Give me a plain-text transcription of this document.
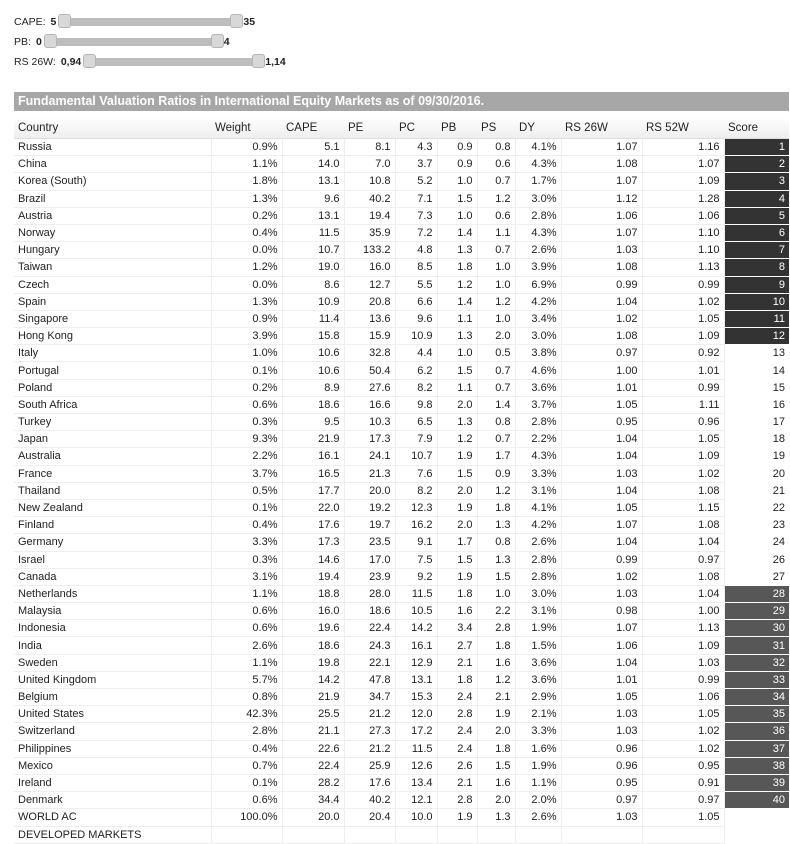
CAPE: 5	35
PB: 0	4
RS 26W: 0,94	1,14
Fundamental Valuation Ratios in International Equity Markets as of 09/30/2016.
Country	Weight	CAPE	PE	PC	PB	PS	DY	RS 26W	RS 52W	Score
Russia	0.9%	5.1	8.1	4.3	0.9	0.8	4.1%	1.07	1.16	1
China	1.1%	14.0	7.0	3.7	0.9	0.6	4.3%	1.08	1.07	2
Korea (South)	1.8%	13.1	10.8	5.2	1.0	0.7	1.7%	1.07	1.09	3
Brazil	1.3%	9.6	40.2	7.1	1.5	1.2	3.0%	1.12	1.28	4
Austria	0.2%	13.1	19.4	7.3	1.0	0.6	2.8%	1.06	1.06	5
Norway	0.4%	11.5	35.9	7.2	1.4	1.1	4.3%	1.07	1.10	6
Hungary	0.0%	10.7	133.2	4.8	1.3	0.7	2.6%	1.03	1.10	7
Taiwan	1.2%	19.0	16.0	8.5	1.8	1.0	3.9%	1.08	1.13	8
Czech	0.0%	8.6	12.7	5.5	1.2	1.0	6.9%	0.99	0.99	9
Spain	1.3%	10.9	20.8	6.6	1.4	1.2	4.2%	1.04	1.02	10
Singapore	0.9%	11.4	13.6	9.6	1.1	1.0	3.4%	1.02	1.05	11
Hong Kong	3.9%	15.8	15.9	10.9	1.3	2.0	3.0%	1.08	1.09	12
Italy	1.0%	10.6	32.8	4.4	1.0	0.5	3.8%	0.97	0.92	13
Portugal	0.1%	10.6	50.4	6.2	1.5	0.7	4.6%	1.00	1.01	14
Poland	0.2%	8.9	27.6	8.2	1.1	0.7	3.6%	1.01	0.99	15
South Africa	0.6%	18.6	16.6	9.8	2.0	1.4	3.7%	1.05	1.11	16
Turkey	0.3%	9.5	10.3	6.5	1.3	0.8	2.8%	0.95	0.96	17
Japan	9.3%	21.9	17.3	7.9	1.2	0.7	2.2%	1.04	1.05	18
Australia	2.2%	16.1	24.1	10.7	1.9	1.7	4.3%	1.04	1.09	19
France	3.7%	16.5	21.3	7.6	1.5	0.9	3.3%	1.03	1.02	20
Thailand	0.5%	17.7	20.0	8.2	2.0	1.2	3.1%	1.04	1.08	21
New Zealand	0.1%	22.0	19.2	12.3	1.9	1.8	4.1%	1.05	1.15	22
Finland	0.4%	17.6	19.7	16.2	2.0	1.3	4.2%	1.07	1.08	23
Germany	3.3%	17.3	23.5	9.1	1.7	0.8	2.6%	1.04	1.04	24
Israel	0.3%	14.6	17.0	7.5	1.5	1.3	2.8%	0.99	0.97	26
Canada	3.1%	19.4	23.9	9.2	1.9	1.5	2.8%	1.02	1.08	27
Netherlands	1.1%	18.8	28.0	11.5	1.8	1.0	3.0%	1.03	1.04	28
Malaysia	0.6%	16.0	18.6	10.5	1.6	2.2	3.1%	0.98	1.00	29
Indonesia	0.6%	19.6	22.4	14.2	3.4	2.8	1.9%	1.07	1.13	30
India	2.6%	18.6	24.3	16.1	2.7	1.8	1.5%	1.06	1.09	31
Sweden	1.1%	19.8	22.1	12.9	2.1	1.6	3.6%	1.04	1.03	32
United Kingdom	5.7%	14.2	47.8	13.1	1.8	1.2	3.6%	1.01	0.99	33
Belgium	0.8%	21.9	34.7	15.3	2.4	2.1	2.9%	1.05	1.06	34
United States	42.3%	25.5	21.2	12.0	2.8	1.9	2.1%	1.03	1.05	35
Switzerland	2.8%	21.1	27.3	17.2	2.4	2.0	3.3%	1.03	1.02	36
Philippines	0.4%	22.6	21.2	11.5	2.4	1.8	1.6%	0.96	1.02	37
Mexico	0.7%	22.4	25.9	12.6	2.6	1.5	1.9%	0.96	0.95	38
Ireland	0.1%	28.2	17.6	13.4	2.1	1.6	1.1%	0.95	0.91	39
Denmark	0.6%	34.4	40.2	12.1	2.8	2.0	2.0%	0.97	0.97	40
WORLD AC	100.0%	20.0	20.4	10.0	1.9	1.3	2.6%	1.03	1.05	
DEVELOPED MARKETS										
